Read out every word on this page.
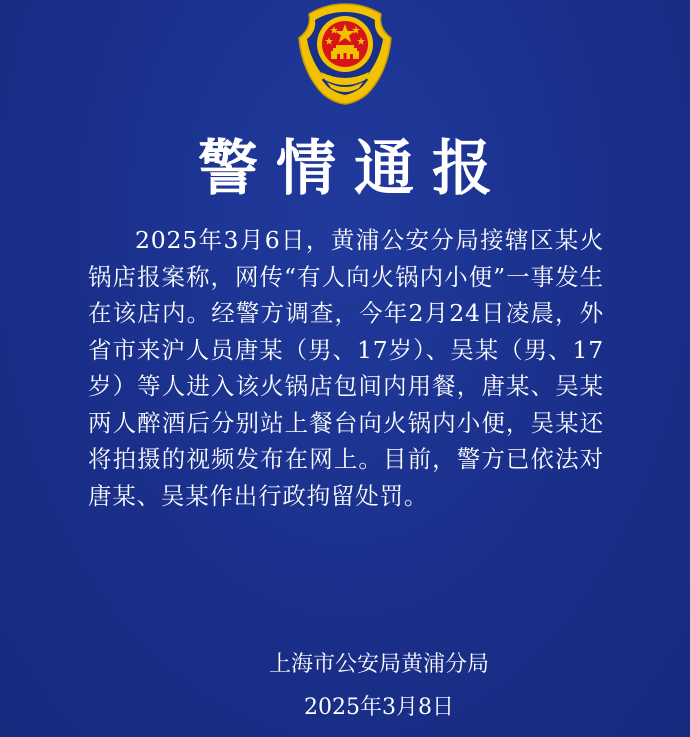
警情通报
2025年3月6日，黄浦公安分局接辖区某火锅店报案称，网传“有人向火锅内小便”一事发生在该店内。经警方调查，今年2月24日凌晨，外省市来沪人员唐某（男、17岁）、吴某（男、17岁）等人进入该火锅店包间内用餐，唐某、吴某两人醉酒后分别站上餐台向火锅内小便，吴某还将拍摄的视频发布在网上。目前，警方已依法对唐某、吴某作出行政拘留处罚。
上海市公安局黄浦分局
2025年3月8日
